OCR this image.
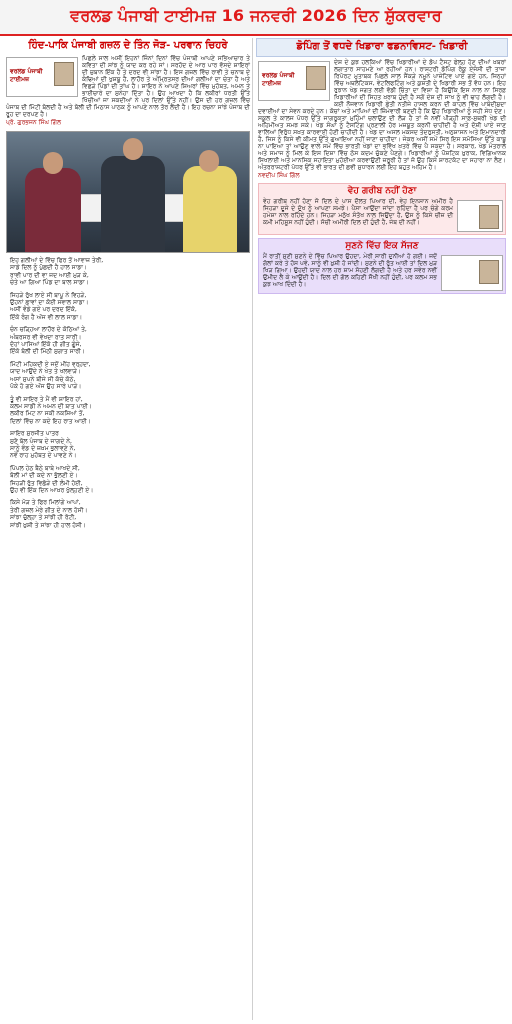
ਵਰਲਡ ਪੰਜਾਬੀ ਟਾਈਮਜ਼ 16 ਜਨਵਰੀ 2026 ਦਿਨ ਸ਼ੁੱਕਰਵਾਰ
ਹਿੰਦ-ਪਾਕਿ ਪੰਜਾਬੀ ਗਜ਼ਲ ਦੇ ਤਿੰਨ ਜੋੜ- ਪਰਵਾਨ ਚਿਹਰੇ
ਵਰਲਡ ਪੰਜਾਬੀ ਟਾਈਮਜ਼
ਪਿਛਲੇ ਸਾਲ ਅਸੀਂ ਇਹਨਾਂ ਜਿੰਨਾਂ ਦਿਨਾਂ ਵਿੱਚ ਪੰਜਾਬੀ ਆਪਣੇ ਸਭਿਆਚਾਰ ਤੇ ਕਵਿਤਾ ਦੀ ਸਾਂਝ ਨੂੰ ਯਾਦ ਕਰ ਰਹੇ ਸਾਂ। ਸਰਹੱਦ ਦੇ ਆਰ ਪਾਰ ਵੱਸਦੇ ਸ਼ਾਇਰਾਂ ਦੀ ਜ਼ੁਬਾਨ ਇੱਕ ਹੈ ਤੇ ਦਰਦ ਵੀ ਸਾਂਝਾ ਹੈ। ਇਸ ਗਜ਼ਲ ਵਿੱਚ ਰਾਵੀ ਤੇ ਚਨਾਬ ਦੇ ਕੰਢਿਆਂ ਦੀ ਖੁਸ਼ਬੂ ਹੈ, ਲਾਹੌਰ ਤੇ ਅੰਮ੍ਰਿਤਸਰ ਦੀਆਂ ਗਲੀਆਂ ਦਾ ਚੇਤਾ ਹੈ ਅਤੇ ਵਿਛੜੇ ਪਿੰਡਾਂ ਦੀ ਤਾਂਘ ਹੈ। ਸ਼ਾਇਰ ਨੇ ਆਪਣੇ ਸ਼ਿਅਰਾਂ ਵਿੱਚ ਮੁਹੱਬਤ, ਅਮਨ ਤੇ ਭਾਈਚਾਰੇ ਦਾ ਸੁਨੇਹਾ ਦਿੱਤਾ ਹੈ। ਉਹ ਆਖਦਾ ਹੈ ਕਿ ਲਕੀਰਾਂ ਧਰਤੀ ਉੱਤੇ ਖਿੱਚੀਆਂ ਜਾ ਸਕਦੀਆਂ ਨੇ ਪਰ ਦਿਲਾਂ ਉੱਤੇ ਨਹੀਂ। ਉਸ ਦੀ ਹਰ ਗਜ਼ਲ ਵਿੱਚ ਪੰਜਾਬ ਦੀ ਮਿੱਟੀ ਬੋਲਦੀ ਹੈ ਅਤੇ ਬੋਲੀ ਦੀ ਮਿਠਾਸ ਪਾਠਕ ਨੂੰ ਆਪਣੇ ਨਾਲ ਤੋਰ ਲੈਂਦੀ ਹੈ। ਇਹ ਰਚਨਾ ਸਾਂਝੇ ਪੰਜਾਬ ਦੀ ਰੂਹ ਦਾ ਦਰਪਣ ਹੈ।
ਪ੍ਰੋ. ਗੁਰਭਜਨ ਸਿੰਘ ਗਿੱਲ
ਇਹ ਗਲੀਆਂ ਦੇ ਵਿੱਚ ਫਿਰ ਤੋਂ ਆਵਾਜ਼ ਤੇਰੀ,
ਸਾਡੇ ਦਿਲ ਨੂੰ ਪੁੱਛਦੀ ਹੈ ਹਾਲ ਸਾਡਾ।
ਰਾਵੀ ਪਾਰ ਦੀ ਵਾ ਜਦ ਆਈ ਮੁੜ ਕੇ,
ਚੇਤੇ ਆ ਗਿਆ ਪਿੰਡ ਦਾ ਬਾਲ ਸਾਡਾ।
ਜਿਹੜੇ ਰੁੱਖ ਲਾਏ ਸੀ ਬਾਪੂ ਨੇ ਵਿਹੜੇ,
ਉਹਨਾਂ ਛਾਵਾਂ ਦਾ ਕੋਈ ਸਵਾਲ ਸਾਡਾ।
ਅਸੀਂ ਵੰਡੇ ਗਏ ਪਰ ਦਰਦ ਇੱਕੋ,
ਇੱਕੋ ਰੰਗ ਹੈ ਅੱਜ ਵੀ ਲਾਲ ਸਾਡਾ।
ਚੰਨ ਚੜ੍ਹਿਆ ਲਾਹੌਰ ਦੇ ਕੋਠਿਆਂ ਤੇ,
ਅੰਬਰਸਰ ਵੀ ਵੇਖਦਾ ਰਾਤ ਸਾਰੀ।
ਦੋਹਾਂ ਪਾਸਿਆਂ ਇੱਕੋ ਹੀ ਗੀਤ ਗੂੰਜੇ,
ਇੱਕੋ ਬੋਲੀ ਦੀ ਮਿੱਠੀ ਸੁਗਾਤ ਸਾਰੀ।
ਮਿੱਟੀ ਮਹਿਕਦੀ ਏ ਜਦੋਂ ਮੀਂਹ ਵਰ੍ਹਦਾ,
ਯਾਦ ਆਉਂਦੇ ਨੇ ਖੇਤ ਤੇ ਖਲਵਾੜੇ।
ਅਸਾਂ ਸੁਪਨੇ ਬੀਜੇ ਸੀ ਕੱਚੇ ਕੋਠੇ,
ਪੱਕੇ ਹੋ ਗਏ ਅੱਜ ਉਹ ਸਾਰੇ ਪਾੜੇ।
ਤੂੰ ਵੀ ਸ਼ਾਇਰ ਤੇ ਮੈਂ ਵੀ ਸ਼ਾਇਰ ਹਾਂ,
ਕਲਮ ਸਾਡੀ ਨੇ ਅਮਨ ਦੀ ਬਾਤ ਪਾਈ।
ਲਕੀਰ ਮਿਟ ਨਾ ਸਕੀ ਨਕਸ਼ਿਆਂ ਤੋਂ,
ਦਿਲਾਂ ਵਿੱਚ ਨਾ ਕਦੇ ਇਹ ਰਾਤ ਆਈ।
ਸ਼ਾਇਰ ਸੁਰਜੀਤ ਪਾਤਰ
ਸੁਣੋ ਬੋਲ ਪੰਜਾਬ ਦੇ ਜਾਗਦੇ ਨੇ,
ਸਾਨੂੰ ਵੰਡ ਦੇ ਜ਼ਖ਼ਮ ਭੁਲਾਵਣੇ ਨੇ,
ਨਵੇਂ ਰਾਹ ਮੁਹੱਬਤ ਦੇ ਪਾਵਣੇ ਨੇ।
ਪਿੱਪਲ ਹੇਠ ਬੈਠੇ ਬਾਬੇ ਆਖਦੇ ਸੀ,
ਬੋਲੀ ਮਾਂ ਦੀ ਕਦੇ ਨਾ ਭੁੱਲਣੀ ਏ।
ਜਿਹੜੀ ਰੁੱਤ ਵਿਛੋੜੇ ਦੀ ਲੰਮੀ ਹੋਈ,
ਉਹ ਵੀ ਇੱਕ ਦਿਨ ਆਖ਼ਰ ਖੁੱਲ੍ਹਣੀ ਏ।
ਕਿਸੇ ਮੋੜ ਤੇ ਫਿਰ ਮਿਲਾਂਗੇ ਆਪਾਂ,
ਤੇਰੀ ਗਜ਼ਲ ਮੇਰੇ ਗੀਤ ਦੇ ਨਾਲ ਹੋਸੀ।
ਸਾਂਝਾ ਚੁੱਲ੍ਹਾ ਤੇ ਸਾਂਝੀ ਹੀ ਰੋਟੀ,
ਸਾਂਝੀ ਖ਼ੁਸ਼ੀ ਤੇ ਸਾਂਝਾ ਹੀ ਹਾਲ ਹੋਸੀ।
ਡੋਪਿੰਗ ਤੋਂ ਵਧਦੇ ਖਿਡਾਰਾ ਫਡਨਾਵਿਸਟ- ਖਿਡਾਰੀ
ਵਰਲਡ ਪੰਜਾਬੀ ਟਾਈਮਜ਼
ਦੇਸ਼ ਦੇ ਕੁਝ ਹਲਕਿਆਂ ਵਿੱਚ ਖਿਡਾਰੀਆਂ ਦੇ ਡੋਪ ਟੈਸਟ ਫੇਲ੍ਹ ਹੋਣ ਦੀਆਂ ਖ਼ਬਰਾਂ ਲਗਾਤਾਰ ਸਾਹਮਣੇ ਆ ਰਹੀਆਂ ਹਨ। ਰਾਸ਼ਟਰੀ ਡੋਪਿੰਗ ਰੋਕੂ ਏਜੰਸੀ ਦੀ ਤਾਜ਼ਾ ਰਿਪੋਰਟ ਮੁਤਾਬਕ ਪਿਛਲੇ ਸਾਲ ਸੈਂਕੜੇ ਨਮੂਨੇ ਪਾਜ਼ੇਟਿਵ ਪਾਏ ਗਏ ਹਨ, ਜਿਨ੍ਹਾਂ ਵਿੱਚ ਅਥਲੈਟਿਕਸ, ਵੇਟਲਿਫਟਿੰਗ ਅਤੇ ਕੁਸ਼ਤੀ ਦੇ ਖਿਡਾਰੀ ਸਭ ਤੋਂ ਵੱਧ ਹਨ। ਇਹ ਰੁਝਾਨ ਖੇਡ ਜਗਤ ਲਈ ਵੱਡੀ ਚਿੰਤਾ ਦਾ ਵਿਸ਼ਾ ਹੈ ਕਿਉਂਕਿ ਇਸ ਨਾਲ ਨਾ ਸਿਰਫ਼ ਖਿਡਾਰੀਆਂ ਦੀ ਸਿਹਤ ਖ਼ਰਾਬ ਹੁੰਦੀ ਹੈ ਸਗੋਂ ਦੇਸ਼ ਦੀ ਸਾਖ ਨੂੰ ਵੀ ਢਾਹ ਲੱਗਦੀ ਹੈ। ਕਈ ਨੌਜਵਾਨ ਖਿਡਾਰੀ ਛੇਤੀ ਨਤੀਜੇ ਹਾਸਲ ਕਰਨ ਦੀ ਕਾਹਲ ਵਿੱਚ ਪਾਬੰਦੀਸ਼ੁਦਾ ਦਵਾਈਆਂ ਦਾ ਸੇਵਨ ਕਰਦੇ ਹਨ। ਕੋਚਾਂ ਅਤੇ ਮਾਪਿਆਂ ਦੀ ਜ਼ਿੰਮੇਵਾਰੀ ਬਣਦੀ ਹੈ ਕਿ ਉਹ ਖਿਡਾਰੀਆਂ ਨੂੰ ਸਹੀ ਸੇਧ ਦੇਣ। ਸਕੂਲ ਤੇ ਕਾਲਜ ਪੱਧਰ ਉੱਤੇ ਜਾਗਰੂਕਤਾ ਮੁਹਿੰਮਾਂ ਚਲਾਉਣ ਦੀ ਲੋੜ ਹੈ ਤਾਂ ਜੋ ਨਵੀਂ ਪੀੜ੍ਹੀ ਸਾਫ਼-ਸੁਥਰੀ ਖੇਡ ਦੀ ਅਹਿਮੀਅਤ ਸਮਝ ਸਕੇ। ਖੇਡ ਸੰਘਾਂ ਨੂੰ ਟੈਸਟਿੰਗ ਪ੍ਰਣਾਲੀ ਹੋਰ ਮਜ਼ਬੂਤ ਕਰਨੀ ਚਾਹੀਦੀ ਹੈ ਅਤੇ ਦੋਸ਼ੀ ਪਾਏ ਜਾਣ ਵਾਲਿਆਂ ਵਿਰੁੱਧ ਸਖ਼ਤ ਕਾਰਵਾਈ ਹੋਣੀ ਚਾਹੀਦੀ ਹੈ। ਖੇਡ ਦਾ ਅਸਲ ਮਕਸਦ ਤੰਦਰੁਸਤੀ, ਅਨੁਸ਼ਾਸਨ ਅਤੇ ਇਮਾਨਦਾਰੀ ਹੈ, ਜਿਸ ਨੂੰ ਕਿਸੇ ਵੀ ਕੀਮਤ ਉੱਤੇ ਗੁਆਇਆ ਨਹੀਂ ਜਾਣਾ ਚਾਹੀਦਾ। ਜੇਕਰ ਅਸੀਂ ਸਮੇਂ ਸਿਰ ਇਸ ਸਮੱਸਿਆ ਉੱਤੇ ਕਾਬੂ ਨਾ ਪਾਇਆ ਤਾਂ ਆਉਣ ਵਾਲੇ ਸਮੇਂ ਵਿੱਚ ਭਾਰਤੀ ਖੇਡਾਂ ਦਾ ਭਵਿੱਖ ਖ਼ਤਰੇ ਵਿੱਚ ਪੈ ਸਕਦਾ ਹੈ। ਸਰਕਾਰ, ਖੇਡ ਮੰਤਰਾਲੇ ਅਤੇ ਸਮਾਜ ਨੂੰ ਮਿਲ ਕੇ ਇਸ ਦਿਸ਼ਾ ਵਿੱਚ ਠੋਸ ਕਦਮ ਚੁੱਕਣੇ ਪੈਣਗੇ। ਖਿਡਾਰੀਆਂ ਨੂੰ ਪੌਸ਼ਟਿਕ ਖ਼ੁਰਾਕ, ਵਿਗਿਆਨਕ ਸਿਖਲਾਈ ਅਤੇ ਮਾਨਸਿਕ ਸਹਾਇਤਾ ਮੁਹੱਈਆ ਕਰਵਾਉਣੀ ਜ਼ਰੂਰੀ ਹੈ ਤਾਂ ਜੋ ਉਹ ਕਿਸੇ ਸ਼ਾਰਟਕੱਟ ਦਾ ਸਹਾਰਾ ਨਾ ਲੈਣ। ਅੰਤਰਰਾਸ਼ਟਰੀ ਪੱਧਰ ਉੱਤੇ ਵੀ ਭਾਰਤ ਦੀ ਛਵੀ ਸੁਧਾਰਨ ਲਈ ਇਹ ਬਹੁਤ ਅਹਿਮ ਹੈ।
ਨਵਦੀਪ ਸਿੰਘ ਗਿੱਲ
ਵੇਹ ਗਰੀਬ ਨਹੀਂ ਹੋਣਾ
ਵੇਹ ਗਰੀਬ ਨਹੀਂ ਹੋਣਾ ਜੋ ਦਿਲ ਦੇ ਪਾਸ ਦੌਲਤ ਪਿਆਰ ਦੀ, ਵੇਹ ਇਨਸਾਨ ਅਮੀਰ ਹੈ ਜਿਹੜਾ ਦੂਜੇ ਦੇ ਦੁੱਖ ਨੂੰ ਆਪਣਾ ਸਮਝੇ। ਪੈਸਾ ਆਉਂਦਾ ਜਾਂਦਾ ਰਹਿੰਦਾ ਹੈ ਪਰ ਚੰਗੇ ਕਰਮ ਹਮੇਸ਼ਾ ਨਾਲ ਰਹਿੰਦੇ ਹਨ। ਜਿਹੜਾ ਮਨੁੱਖ ਸੰਤੋਖ ਨਾਲ ਜਿਉਂਦਾ ਹੈ, ਉਸ ਨੂੰ ਕਿਸੇ ਚੀਜ਼ ਦੀ ਕਮੀ ਮਹਿਸੂਸ ਨਹੀਂ ਹੁੰਦੀ। ਸੱਚੀ ਅਮੀਰੀ ਦਿਲ ਦੀ ਹੁੰਦੀ ਹੈ, ਜੇਬ ਦੀ ਨਹੀਂ।
ਸੁਣਨੇ ਵਿੱਚ ਇਕ ਸੱਜਣ
ਮੈਂ ਰਾਤੀਂ ਸੁਣੀ ਸੁਣਨੇ ਦੇ ਵਿੱਚ ਪਿਆਰ ਉਹਦਾ, ਮੇਰੀ ਸਾਰੀ ਦੁਨੀਆਂ ਹੋ ਗਈ। ਜਦੋਂ ਗੱਲਾਂ ਕਰੇ ਤੇ ਹੱਸ ਪਵੇ, ਸਾਨੂੰ ਵੀ ਖ਼ੁਸ਼ੀ ਹੋ ਜਾਂਦੀ। ਸੁਣਨੇ ਦੀ ਰੁੱਤ ਆਈ ਤਾਂ ਦਿਲ ਮੁੜ ਖਿੜ ਗਿਆ। ਉਹਦੀ ਯਾਦ ਨਾਲ ਹਰ ਸ਼ਾਮ ਸੋਹਣੀ ਲੱਗਦੀ ਹੈ ਅਤੇ ਹਰ ਸਵੇਰ ਨਵੀਂ ਉਮੀਦ ਲੈ ਕੇ ਆਉਂਦੀ ਹੈ। ਦਿਲ ਦੀ ਗੱਲ ਕਹਿਣੀ ਸੌਖੀ ਨਹੀਂ ਹੁੰਦੀ, ਪਰ ਕਲਮ ਸਭ ਕੁਝ ਆਖ ਦਿੰਦੀ ਹੈ।
